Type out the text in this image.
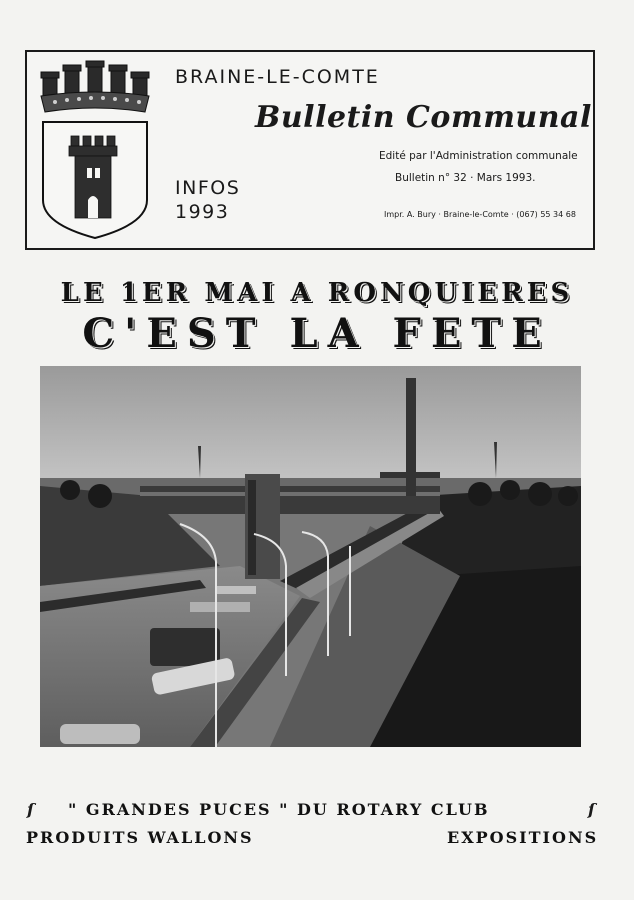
BRAINE-LE-COMTE
Bulletin Communal
Edité par l'Administration communale
Bulletin n° 32 · Mars 1993.
INFOS
1993	Impr. A. Bury · Braine-le-Comte · (067) 55 34 68
LE 1ER MAI A RONQUIERES
C'EST LA FETE
ſ	ſ
" GRANDES PUCES " DU ROTARY CLUB
PRODUITS WALLONS	EXPOSITIONS
